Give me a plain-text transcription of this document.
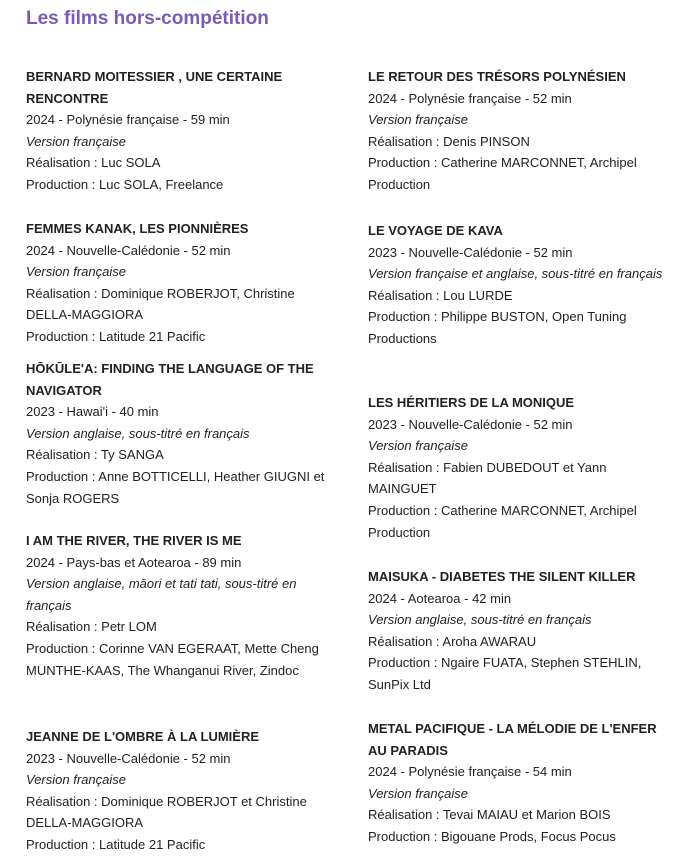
Les films hors-compétition
BERNARD MOITESSIER , UNE CERTAINE RENCONTRE
2024 - Polynésie française - 59 min
Version française
Réalisation : Luc SOLA
Production : Luc SOLA, Freelance
FEMMES KANAK, LES PIONNIÈRES
2024 - Nouvelle-Calédonie - 52 min
Version française
Réalisation : Dominique ROBERJOT, Christine DELLA-MAGGIORA
Production : Latitude 21 Pacific
HŌKŪLE'A: FINDING THE LANGUAGE OF THE NAVIGATOR
2023 - Hawai'i - 40 min
Version anglaise, sous-titré en français
Réalisation : Ty SANGA
Production : Anne BOTTICELLI, Heather GIUGNI et Sonja ROGERS
I AM THE RIVER, THE RIVER IS ME
2024 - Pays-bas et Aotearoa - 89 min
Version anglaise, māori et tati tati, sous-titré en français
Réalisation : Petr LOM
Production : Corinne VAN EGERAAT, Mette Cheng MUNTHE-KAAS, The Whanganui River, Zindoc
JEANNE DE L'OMBRE À LA LUMIÈRE
2023 - Nouvelle-Calédonie - 52 min
Version française
Réalisation : Dominique ROBERJOT et Christine DELLA-MAGGIORA
Production : Latitude 21 Pacific
LE RETOUR DES TRÉSORS POLYNÉSIEN
2024 - Polynésie française - 52 min
Version française
Réalisation : Denis PINSON
Production : Catherine MARCONNET, Archipel Production
LE VOYAGE DE KAVA
2023 - Nouvelle-Calédonie - 52 min
Version française et anglaise, sous-titré en français
Réalisation : Lou LURDE
Production : Philippe BUSTON, Open Tuning Productions
LES HÉRITIERS DE LA MONIQUE
2023 - Nouvelle-Calédonie - 52 min
Version française
Réalisation : Fabien DUBEDOUT et Yann MAINGUET
Production : Catherine MARCONNET, Archipel Production
MAISUKA - DIABETES THE SILENT KILLER
2024 - Aotearoa - 42 min
Version anglaise, sous-titré en français
Réalisation : Aroha AWARAU
Production : Ngaire FUATA, Stephen STEHLIN, SunPix Ltd
METAL PACIFIQUE - LA MÉLODIE DE L'ENFER AU PARADIS
2024 - Polynésie française - 54 min
Version française
Réalisation : Tevai MAIAU et Marion BOIS
Production : Bigouane Prods, Focus Pocus
